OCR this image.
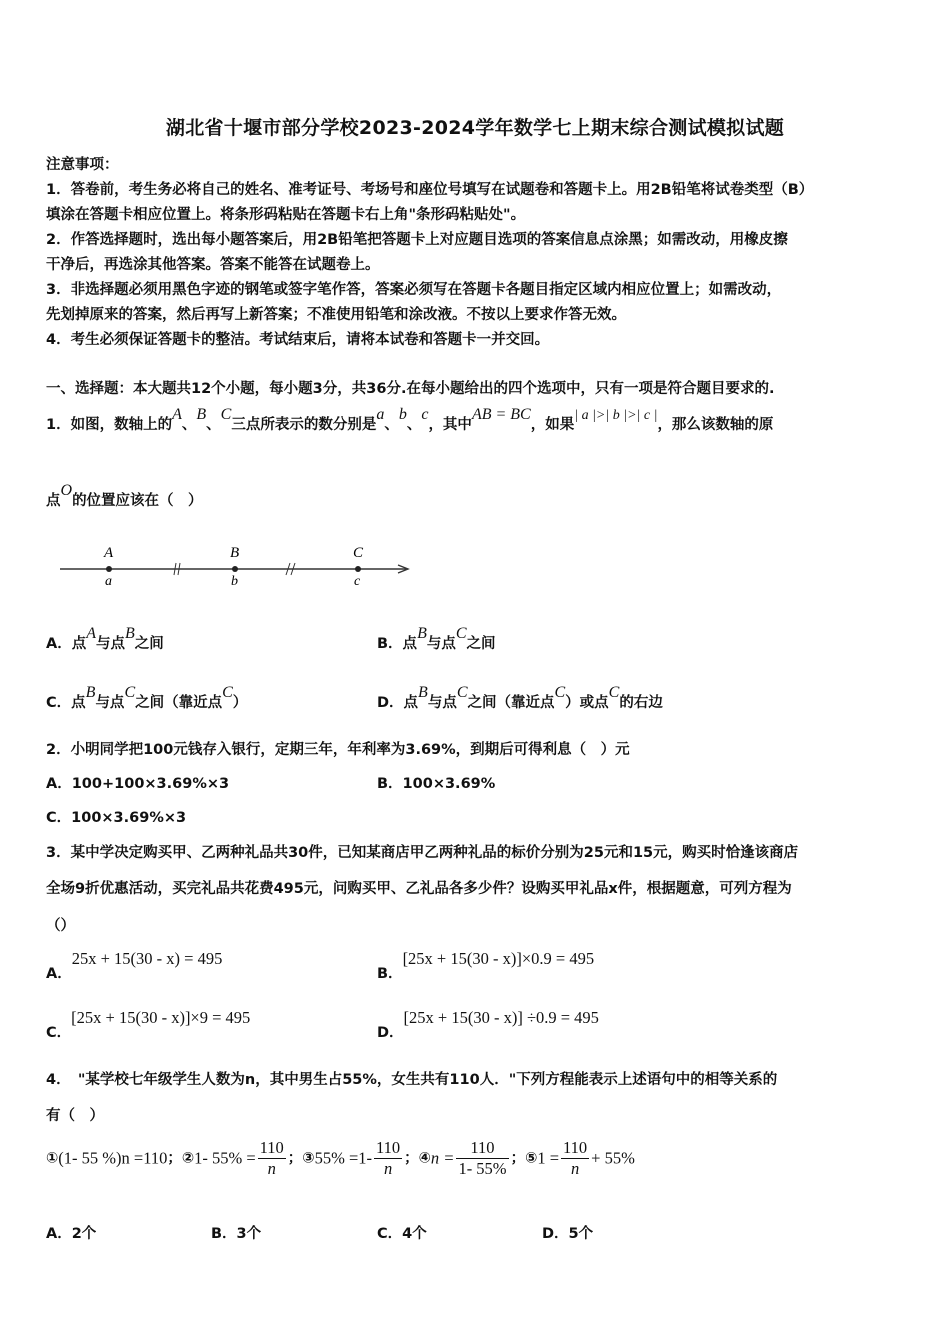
湖北省十堰市部分学校2023-2024学年数学七上期末综合测试模拟试题
注意事项：
1．答卷前，考生务必将自己的姓名、准考证号、考场号和座位号填写在试题卷和答题卡上。用2B铅笔将试卷类型（B）
填涂在答题卡相应位置上。将条形码粘贴在答题卡右上角"条形码粘贴处"。
2．作答选择题时，选出每小题答案后，用2B铅笔把答题卡上对应题目选项的答案信息点涂黑；如需改动，用橡皮擦
干净后，再选涂其他答案。答案不能答在试题卷上。
3．非选择题必须用黑色字迹的钢笔或签字笔作答，答案必须写在答题卡各题目指定区域内相应位置上；如需改动，
先划掉原来的答案，然后再写上新答案；不准使用铅笔和涂改液。不按以上要求作答无效。
4．考生必须保证答题卡的整洁。考试结束后，请将本试卷和答题卡一并交回。
一、选择题：本大题共12个小题，每小题3分，共36分.在每小题给出的四个选项中，只有一项是符合题目要求的.
1．如图，数轴上的A、B、C三点所表示的数分别是a、b、c，其中AB = BC，如果| a |>| b |>| c |，那么该数轴的原
点O的位置应该在（　）
A	B	C
a	b	c
A．点A与点B之间	B．点B与点C之间
C．点B与点C之间（靠近点C）	D．点B与点C之间（靠近点C）或点C的右边
2．小明同学把100元钱存入银行，定期三年，年利率为3.69%，到期后可得利息（　）元
A．100+100×3.69%×3	B．100×3.69%
C．100×3.69%×3
3．某中学决定购买甲、乙两种礼品共30件，已知某商店甲乙两种礼品的标价分别为25元和15元，购买时恰逢该商店
全场9折优惠活动，买完礼品共花费495元，问购买甲、乙礼品各多少件？设购买甲礼品x件，根据题意，可列方程为
（）
A．25x + 15(30 - x) = 495
B．[25x + 15(30 - x)]×0.9 = 495
C．[25x + 15(30 - x)]×9 = 495
D．[25x + 15(30 - x)] ÷0.9 = 495
4．　"某学校七年级学生人数为n，其中男生占55%，女生共有110人．"下列方程能表示上述语句中的相等关系的
有（　）
①(1- 55 %)n =110；②1- $55\% = \frac{110}{n}$ ；③55% $=1- \frac{110}{n}$ ；④n = $\frac{110}{1- 55\%}$ ；⑤1 = $\frac{110}{n} + 55\%$
A．2个	B．3个	C．4个	D．5个
